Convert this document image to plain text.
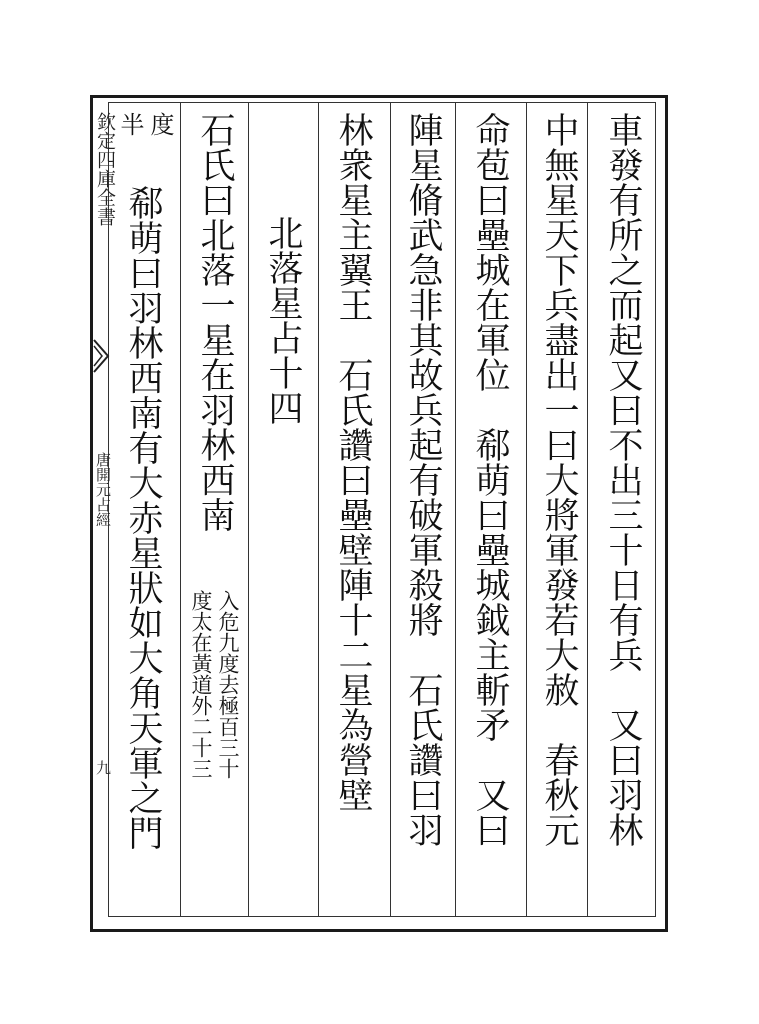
欽定四庫全書
唐開元占經
九	車發有所之而起又曰不出三十日有兵　又曰羽林
中無星天下兵盡出一曰大將軍發若大赦　春秋元
命苞曰壘城在軍位　郗萌曰壘城鉞主斬矛　又曰
陣星脩武急非其故兵起有破軍殺將　石氏讚曰羽
林衆星主翼王　石氏讚曰壘壁陣十二星為營壁
　北落星占十四
石氏曰北落一星在羽林西南
入危九度去極百三十
度太在黃道外二十三
郗萌曰羽林西南有大赤星狀如大角天軍之門
度
半
